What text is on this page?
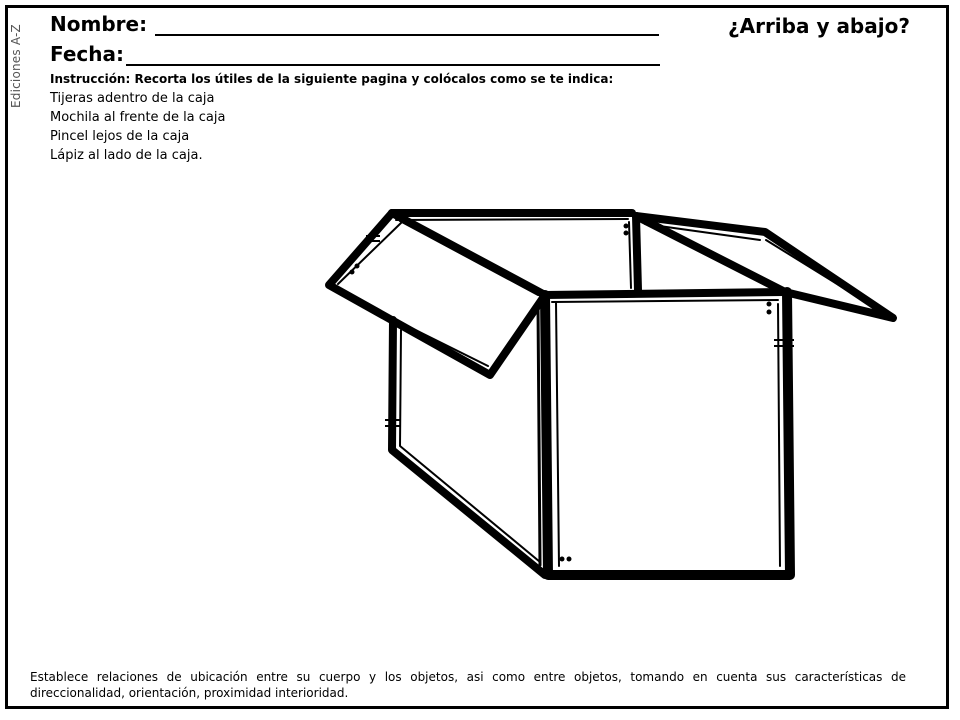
Ediciones A-Z
Nombre:
Fecha:
¿Arriba y abajo?
Instrucción: Recorta los útiles de la siguiente pagina y colócalos como se te indica:
Tijeras adentro de la caja
Mochila al frente de la caja
Pincel lejos de la caja
Lápiz al lado de la caja.
Establece relaciones de ubicación entre su cuerpo y los objetos, asi como entre objetos, tomando en cuenta sus características de direccionalidad, orientación, proximidad interioridad.
